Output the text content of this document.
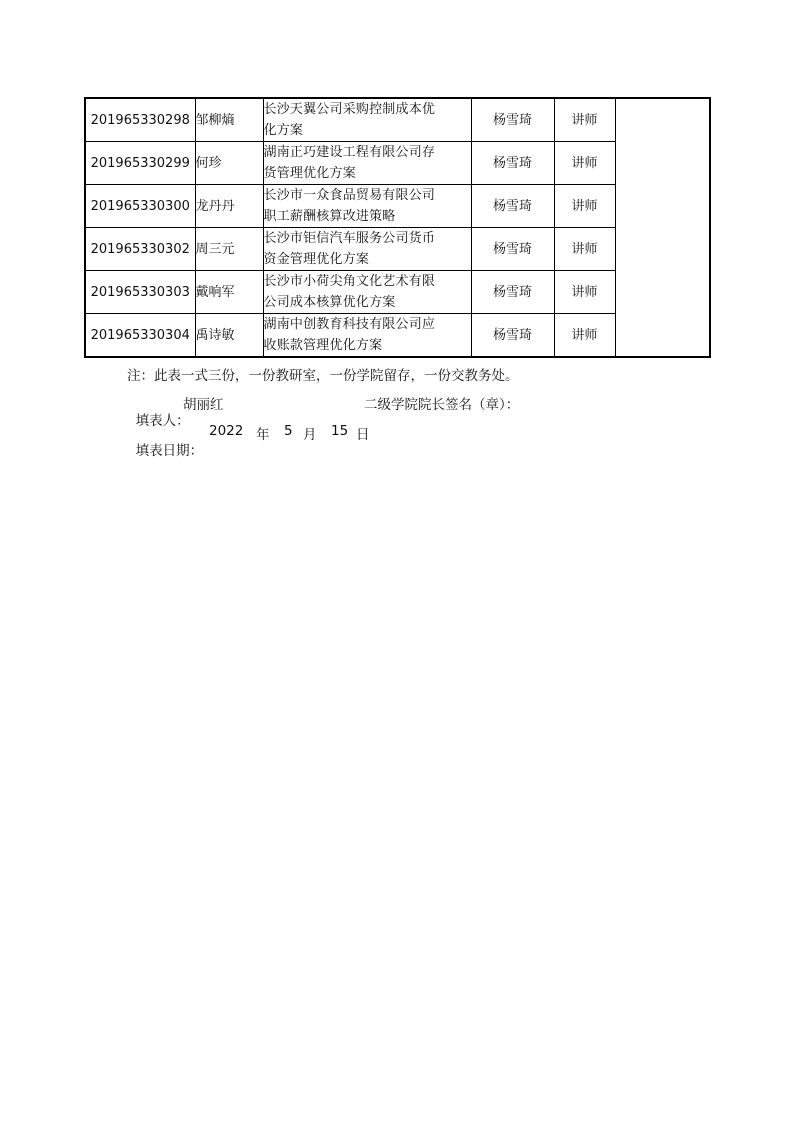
201965330298	邹柳熵	长沙天翼公司采购控制成本优
化方案	杨雪琦	讲师	
201965330299	何珍	湖南正巧建设工程有限公司存
货管理优化方案	杨雪琦	讲师	
201965330300	龙丹丹	长沙市一众食品贸易有限公司
职工薪酬核算改进策略	杨雪琦	讲师	
201965330302	周三元	长沙市钜信汽车服务公司货币
资金管理优化方案	杨雪琦	讲师	
201965330303	戴响军	长沙市小荷尖角文化艺术有限
公司成本核算优化方案	杨雪琦	讲师	
201965330304	禹诗敏	湖南中创教育科技有限公司应
收账款管理优化方案	杨雪琦	讲师	
注：此表一式三份，一份教研室，一份学院留存，一份交教务处。

填表人：

胡丽红	二级学院院长签名（章）：

填表日期：

2022 年 5 月 15 日
